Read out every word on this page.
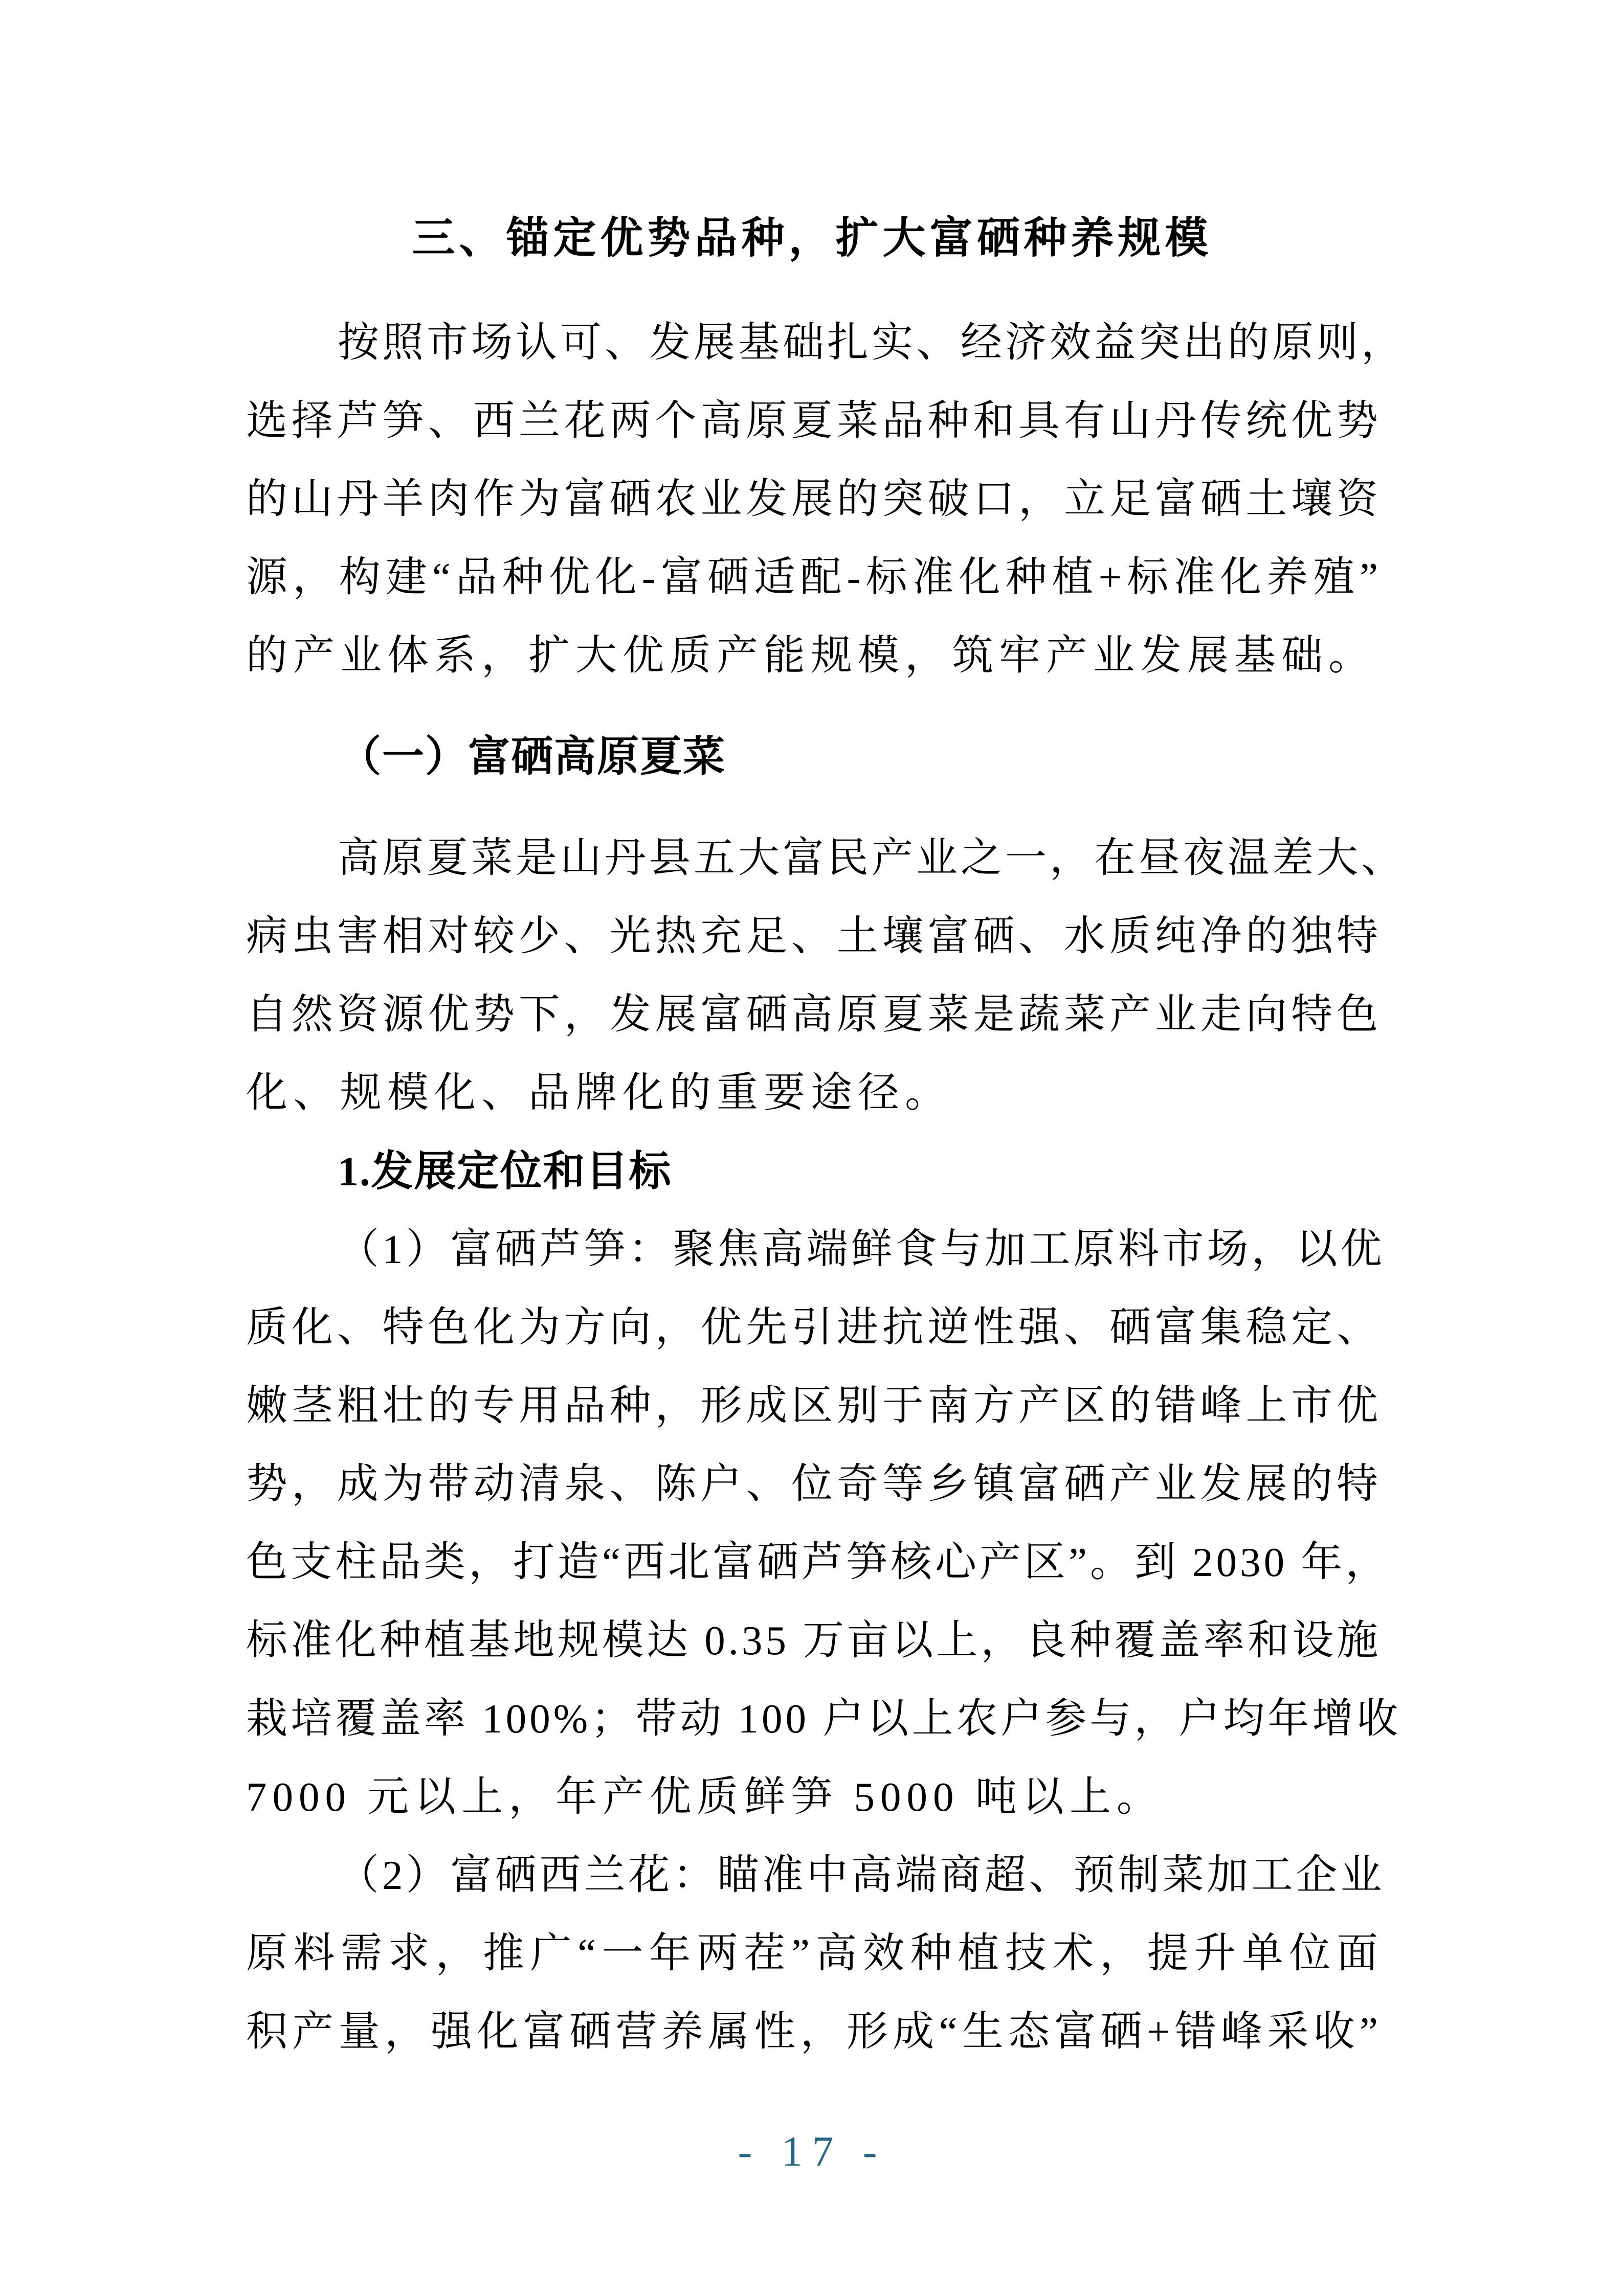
三、锚定优势品种，扩大富硒种养规模

按照市场认可、发展基础扎实、经济效益突出的原则，

选择芦笋、西兰花两个高原夏菜品种和具有山丹传统优势

的山丹羊肉作为富硒农业发展的突破口，立足富硒土壤资

源，构建“品种优化-富硒适配-标准化种植+标准化养殖”

的产业体系，扩大优质产能规模，筑牢产业发展基础。

（一）富硒高原夏菜

高原夏菜是山丹县五大富民产业之一，在昼夜温差大、

病虫害相对较少、光热充足、土壤富硒、水质纯净的独特

自然资源优势下，发展富硒高原夏菜是蔬菜产业走向特色

化、规模化、品牌化的重要途径。

1.发展定位和目标

（1）富硒芦笋：聚焦高端鲜食与加工原料市场，以优

质化、特色化为方向，优先引进抗逆性强、硒富集稳定、

嫩茎粗壮的专用品种，形成区别于南方产区的错峰上市优

势，成为带动清泉、陈户、位奇等乡镇富硒产业发展的特

色支柱品类，打造“西北富硒芦笋核心产区”。到 2030 年，

标准化种植基地规模达 0.35 万亩以上，良种覆盖率和设施

栽培覆盖率 100%；带动 100 户以上农户参与，户均年增收

7000 元以上，年产优质鲜笋 5000 吨以上。

（2）富硒西兰花：瞄准中高端商超、预制菜加工企业

原料需求，推广“一年两茬”高效种植技术，提升单位面

积产量，强化富硒营养属性，形成“生态富硒+错峰采收”

- 17 -
